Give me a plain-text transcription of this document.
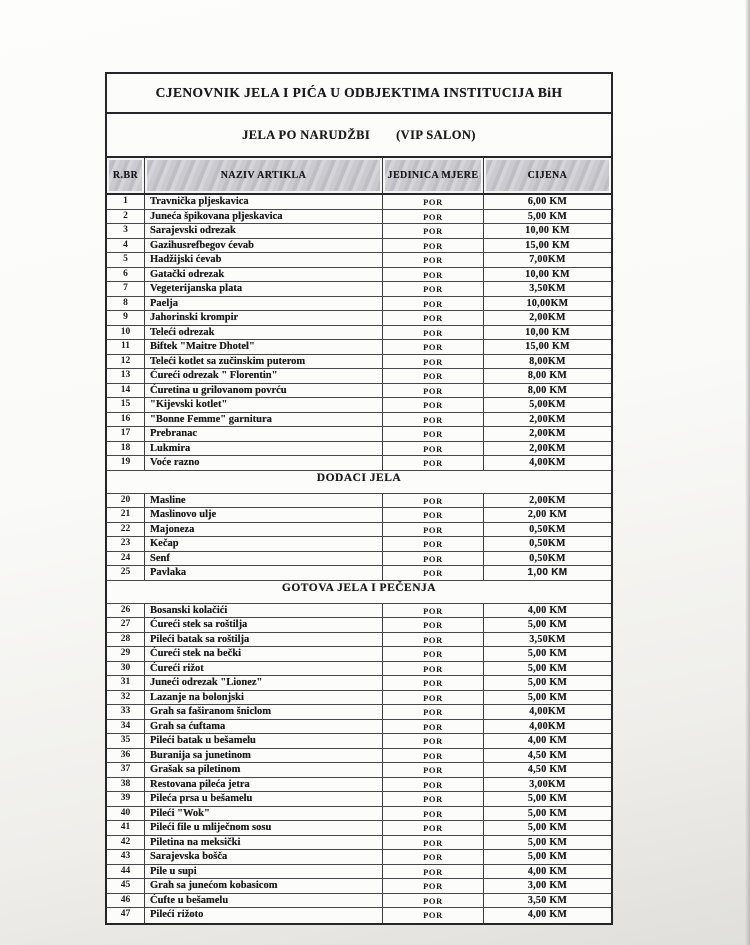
CJENOVNIK JELA I PIĆA U ODBJEKTIMA INSTITUCIJA BiH
JELA PO NARUDŽBI (VIP SALON)
R.BR	NAZIV ARTIKLA	JEDINICA MJERE	CIJENA
1	Travnička pljeskavica	POR	6,00 KM
2	Juneća špikovana pljeskavica	POR	5,00 KM
3	Sarajevski odrezak	POR	10,00 KM
4	Gazihusrefbegov ćevab	POR	15,00 KM
5	Hadžijski ćevab	POR	7,00KM
6	Gatački odrezak	POR	10,00 KM
7	Vegeterijanska plata	POR	3,50KM
8	Paelja	POR	10,00KM
9	Jahorinski krompir	POR	2,00KM
10	Teleći odrezak	POR	10,00 KM
11	Biftek "Maitre Dhotel"	POR	15,00 KM
12	Teleći kotlet sa zučinskim puterom	POR	8,00KM
13	Ćureći odrezak " Florentin"	POR	8,00 KM
14	Ćuretina u grilovanom povrću	POR	8,00 KM
15	"Kijevski kotlet"	POR	5,00KM
16	"Bonne Femme" garnitura	POR	2,00KM
17	Prebranac	POR	2,00KM
18	Lukmira	POR	2,00KM
19	Voće razno	POR	4,00KM
DODACI JELA
20	Masline	POR	2,00KM
21	Maslinovo ulje	POR	2,00 KM
22	Majoneza	POR	0,50KM
23	Kečap	POR	0,50KM
24	Senf	POR	0,50KM
25	Pavlaka	POR	1,00 KM
GOTOVA JELA I PEČENJA
26	Bosanski kolačići	POR	4,00 KM
27	Ćureći stek sa roštilja	POR	5,00 KM
28	Pileći batak sa roštilja	POR	3,50KM
29	Ćureći stek na bečki	POR	5,00 KM
30	Ćureći rižot	POR	5,00 KM
31	Juneći odrezak "Lionez"	POR	5,00 KM
32	Lazanje na bolonjski	POR	5,00 KM
33	Grah sa faširanom šniclom	POR	4,00KM
34	Grah sa ćuftama	POR	4,00KM
35	Pileći batak u bešamelu	POR	4,00 KM
36	Buranija sa junetinom	POR	4,50 KM
37	Grašak sa piletinom	POR	4,50 KM
38	Restovana pileća jetra	POR	3,00KM
39	Pileća prsa u bešamelu	POR	5,00 KM
40	Pileći "Wok"	POR	5,00 KM
41	Pileći file u mliječnom sosu	POR	5,00 KM
42	Piletina na meksički	POR	5,00 KM
43	Sarajevska bošča	POR	5,00 KM
44	Pile u supi	POR	4,00 KM
45	Grah sa junećom kobasicom	POR	3,00 KM
46	Ćufte u bešamelu	POR	3,50 KM
47	Pileći rižoto	POR	4,00 KM
